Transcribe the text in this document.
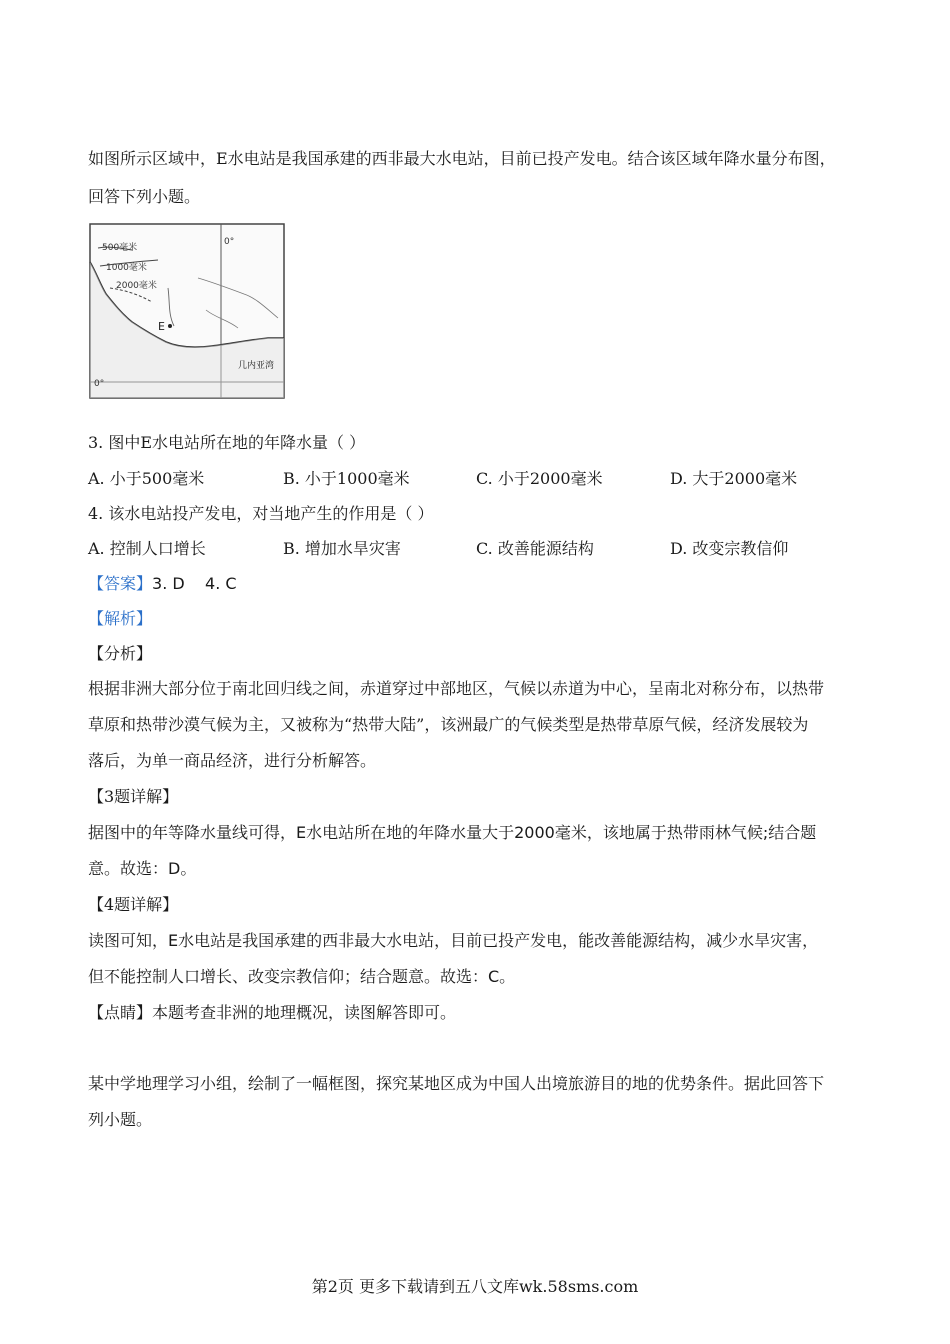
如图所示区域中，E水电站是我国承建的西非最大水电站，目前已投产发电。结合该区域年降水量分布图，
回答下列小题。
500毫米
1000毫米
2000毫米
E
几内亚湾
0°
0°
3. 图中E水电站所在地的年降水量（ ）
A. 小于500毫米	B. 小于1000毫米	C. 小于2000毫米	D. 大于2000毫米
4. 该水电站投产发电，对当地产生的作用是（ ）
A. 控制人口增长	B. 增加水旱灾害	C. 改善能源结构	D. 改变宗教信仰
【答案】3. D    4. C
【解析】
【分析】
根据非洲大部分位于南北回归线之间，赤道穿过中部地区，气候以赤道为中心，呈南北对称分布，以热带
草原和热带沙漠气候为主，又被称为“热带大陆”，该洲最广的气候类型是热带草原气候，经济发展较为
落后，为单一商品经济，进行分析解答。
【3题详解】
据图中的年等降水量线可得，E水电站所在地的年降水量大于2000毫米，该地属于热带雨林气候;结合题
意。故选：D。
【4题详解】
读图可知，E水电站是我国承建的西非最大水电站，目前已投产发电，能改善能源结构，减少水旱灾害，
但不能控制人口增长、改变宗教信仰；结合题意。故选：C。
【点睛】本题考查非洲的地理概况，读图解答即可。
某中学地理学习小组，绘制了一幅框图，探究某地区成为中国人出境旅游目的地的优势条件。据此回答下
列小题。
第2页 更多下载请到五八文库wk.58sms.com
